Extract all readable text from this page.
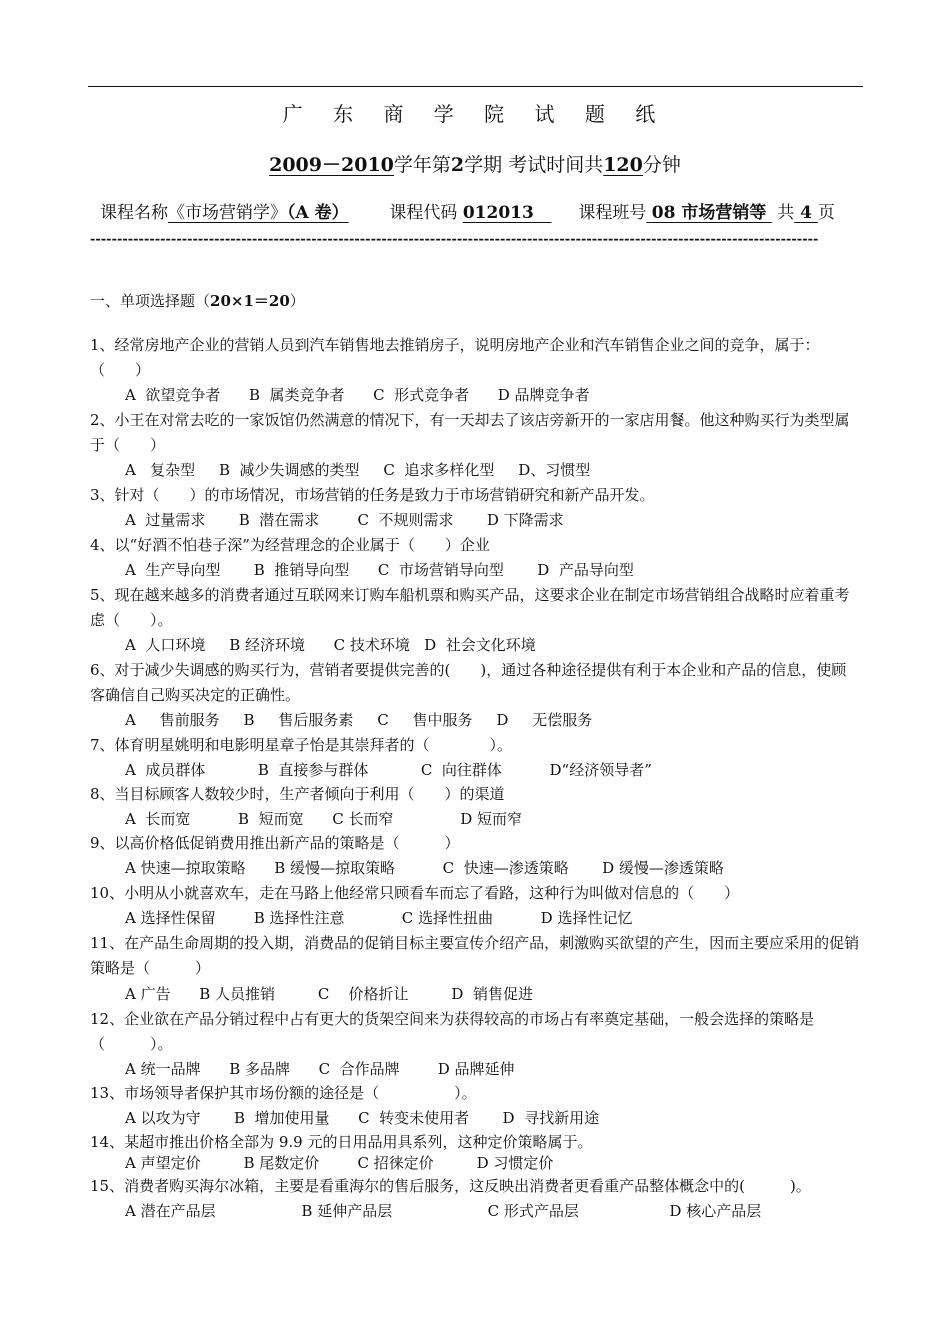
广 东 商 学 院 试 题 纸
2009－2010学年第2学期 考试时间共120分钟
课程名称《市场营销学》（A 卷） 课程代码 012013	课程班号 08 市场营销等 共 4 页
---------------------------------------------------------------------------------------------------------------------------------------
一、单项选择题（20×1＝20）
1、经常房地产企业的营销人员到汽车销售地去推销房子，说明房地产企业和汽车销售企业之间的竞争，属于：（　　）
A  欲望竞争者      B  属类竞争者      C  形式竞争者      D 品牌竞争者
2、小王在对常去吃的一家饭馆仍然满意的情况下，有一天却去了该店旁新开的一家店用餐。他这种购买行为类型属于（　　）
A   复杂型     B  减少失调感的类型     C  追求多样化型     D、习惯型
3、针对（　　）的市场情况，市场营销的任务是致力于市场营销研究和新产品开发。
A  过量需求       B  潜在需求        C  不规则需求       D 下降需求
4、以“好酒不怕巷子深”为经营理念的企业属于（　　）企业
A  生产导向型       B  推销导向型      C  市场营销导向型       D  产品导向型
5、现在越来越多的消费者通过互联网来订购车船机票和购买产品，这要求企业在制定市场营销组合战略时应着重考虑（　　）。
A  人口环境     B 经济环境      C 技术环境   D  社会文化环境
6、对于减少失调感的购买行为，营销者要提供完善的(　　)，通过各种途径提供有利于本企业和产品的信息，使顾客确信自己购买决定的正确性。
A     售前服务     B     售后服务素     C     售中服务     D     无偿服务
7、体育明星姚明和电影明星章子怡是其崇拜者的（　　　　）。
A  成员群体           B  直接参与群体           C  向往群体          D“经济领导者”
8、当目标顾客人数较少时，生产者倾向于利用（　　）的渠道
A  长而宽          B  短而宽      C 长而窄              D 短而窄
9、以高价格低促销费用推出新产品的策略是（　　　）
A 快速—掠取策略      B 缓慢—掠取策略          C  快速—渗透策略       D 缓慢—渗透策略
10、小明从小就喜欢车，走在马路上他经常只顾看车而忘了看路，这种行为叫做对信息的（　　）
A 选择性保留        B 选择性注意            C 选择性扭曲          D 选择性记忆
11、在产品生命周期的投入期，消费品的促销目标主要宣传介绍产品，刺激购买欲望的产生，因而主要应采用的促销策略是（　　　）
A 广告      B 人员推销         C    价格折让         D  销售促进
12、企业欲在产品分销过程中占有更大的货架空间来为获得较高的市场占有率奠定基础，一般会选择的策略是（　　　）。
A 统一品牌      B 多品牌      C  合作品牌        D 品牌延伸
13、市场领导者保护其市场份额的途径是（　　　　　）。
A 以攻为守       B  增加使用量      C  转变未使用者       D  寻找新用途
14、某超市推出价格全部为 9.9 元的日用品用具系列，这种定价策略属于。
A 声望定价         B 尾数定价        C 招徕定价         D 习惯定价
15、消费者购买海尔冰箱，主要是看重海尔的售后服务，这反映出消费者更看重产品整体概念中的(　　　)。
A 潜在产品层                  B 延伸产品层                    C 形式产品层                   D 核心产品层
